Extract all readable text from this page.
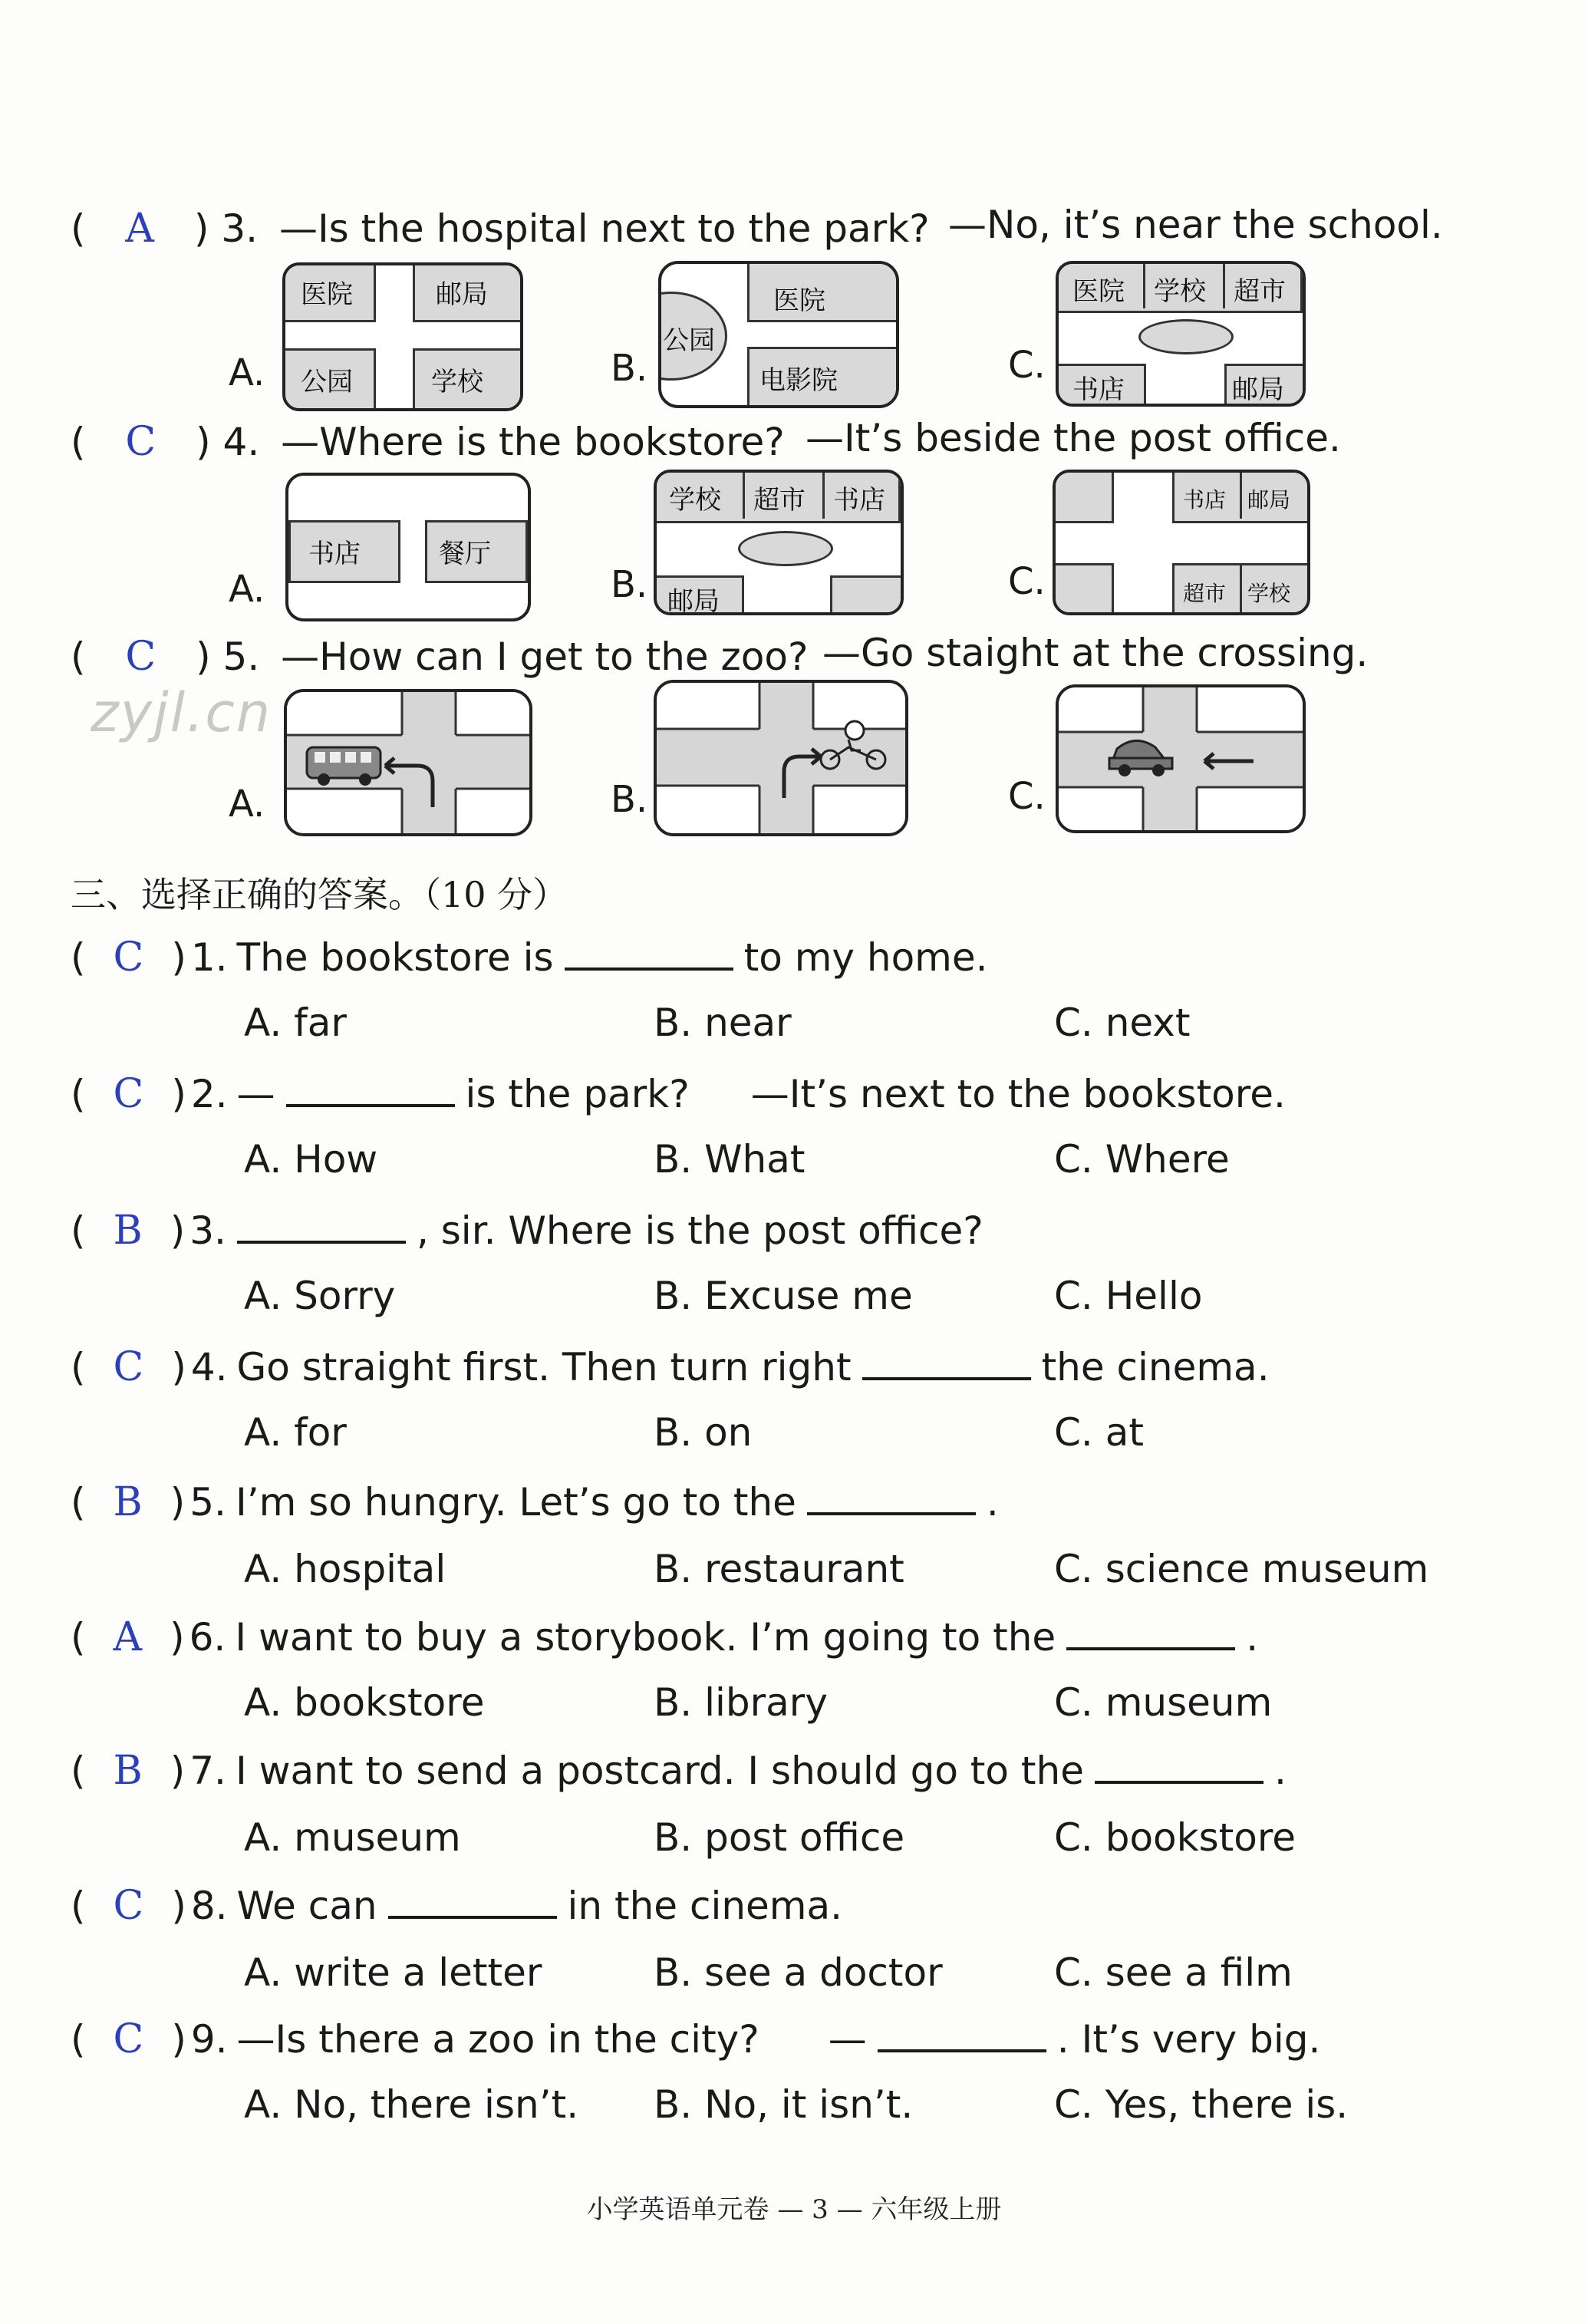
( A ) 3. —Is the hospital next to the park? —No, it’s near the school.
A.
医院	邮局
公园	学校	B.
公园
医院
电影院	C.
医院 学校 超市
书店	邮局
( C ) 4. —Where is the bookstore? —It’s beside the post office.
A.
书店	餐厅
B.
学校 超市 书店
邮局	C.
书店 邮局
超市 学校
( C ) 5. —How can I get to the zoo? —Go staight at the crossing.
zyjl.cn
A.	B.	C.
三、选择正确的答案。（10 分）
( C ) 1. The bookstore is	to my home.
A. far	B. near	C. next
( C ) 2. —	is the park? —It’s next to the bookstore.
A. How	B. What	C. Where
( B ) 3.	, sir. Where is the post office?
A. Sorry	B. Excuse me	C. Hello
( C ) 4. Go straight first. Then turn right	the cinema.
A. for	B. on	C. at
( B ) 5. I’m so hungry. Let’s go to the	.
A. hospital	B. restaurant	C. science museum
( A ) 6. I want to buy a storybook. I’m going to the	.
A. bookstore	B. library	C. museum
( B ) 7. I want to send a postcard. I should go to the	.
A. museum	B. post office	C. bookstore
( C ) 8. We can	in the cinema.
A. write a letter	B. see a doctor	C. see a film
( C ) 9. —Is there a zoo in the city? —	. It’s very big.
A. No, there isn’t. B. No, it isn’t.	C. Yes, there is.
小学英语单元卷 — 3 — 六年级上册
